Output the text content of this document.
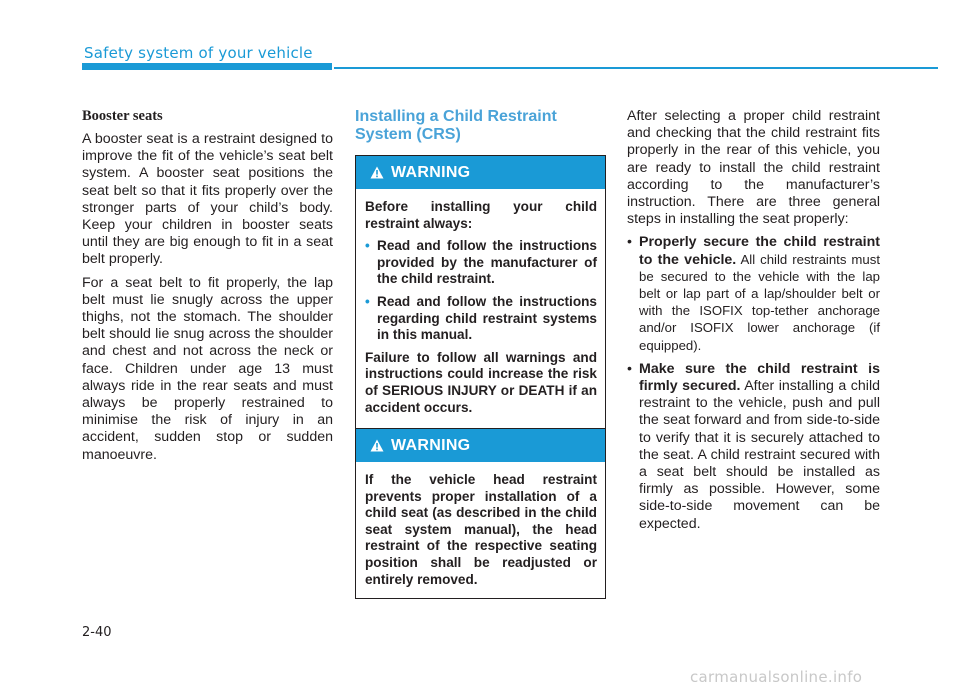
Safety system of your vehicle
Booster seats

A booster seat is a restraint designed to improve the fit of the vehicle’s seat belt system. A booster seat positions the seat belt so that it fits properly over the stronger parts of your child’s body. Keep your children in booster seats until they are big enough to fit in a seat belt properly.

For a seat belt to fit properly, the lap belt must lie snugly across the upper thighs, not the stomach. The shoulder belt should lie snug across the shoulder and chest and not across the neck or face. Children under age 13 must always ride in the rear seats and must always be properly restrained to minimise the risk of injury in an accident, sudden stop or sudden manoeuvre.

Installing a Child Restraint System (CRS)
WARNING

Before installing your child restraint always:

• Read and follow the instructions provided by the manufacturer of the child restraint.
• Read and follow the instructions regarding child restraint systems in this manual.

Failure to follow all warnings and instructions could increase the risk of SERIOUS INJURY or DEATH if an accident occurs.

WARNING

If the vehicle head restraint prevents proper installation of a child seat (as described in the child seat system manual), the head restraint of the respective seating position shall be readjusted or entirely removed.

After selecting a proper child restraint and checking that the child restraint fits properly in the rear of this vehicle, you are ready to install the child restraint according to the manufacturer’s instruction. There are three general steps in installing the seat properly:

• Properly secure the child restraint to the vehicle. All child restraints must be secured to the vehicle with the lap belt or lap part of a lap/shoulder belt or with the ISOFIX top-tether anchorage and/or ISOFIX lower anchorage (if equipped).
• Make sure the child restraint is firmly secured. After installing a child restraint to the vehicle, push and pull the seat forward and from side-to-side to verify that it is securely attached to the seat. A child restraint secured with a seat belt should be installed as firmly as possible. However, some side-to-side movement can be expected.
2-40
carmanualsonline.info
